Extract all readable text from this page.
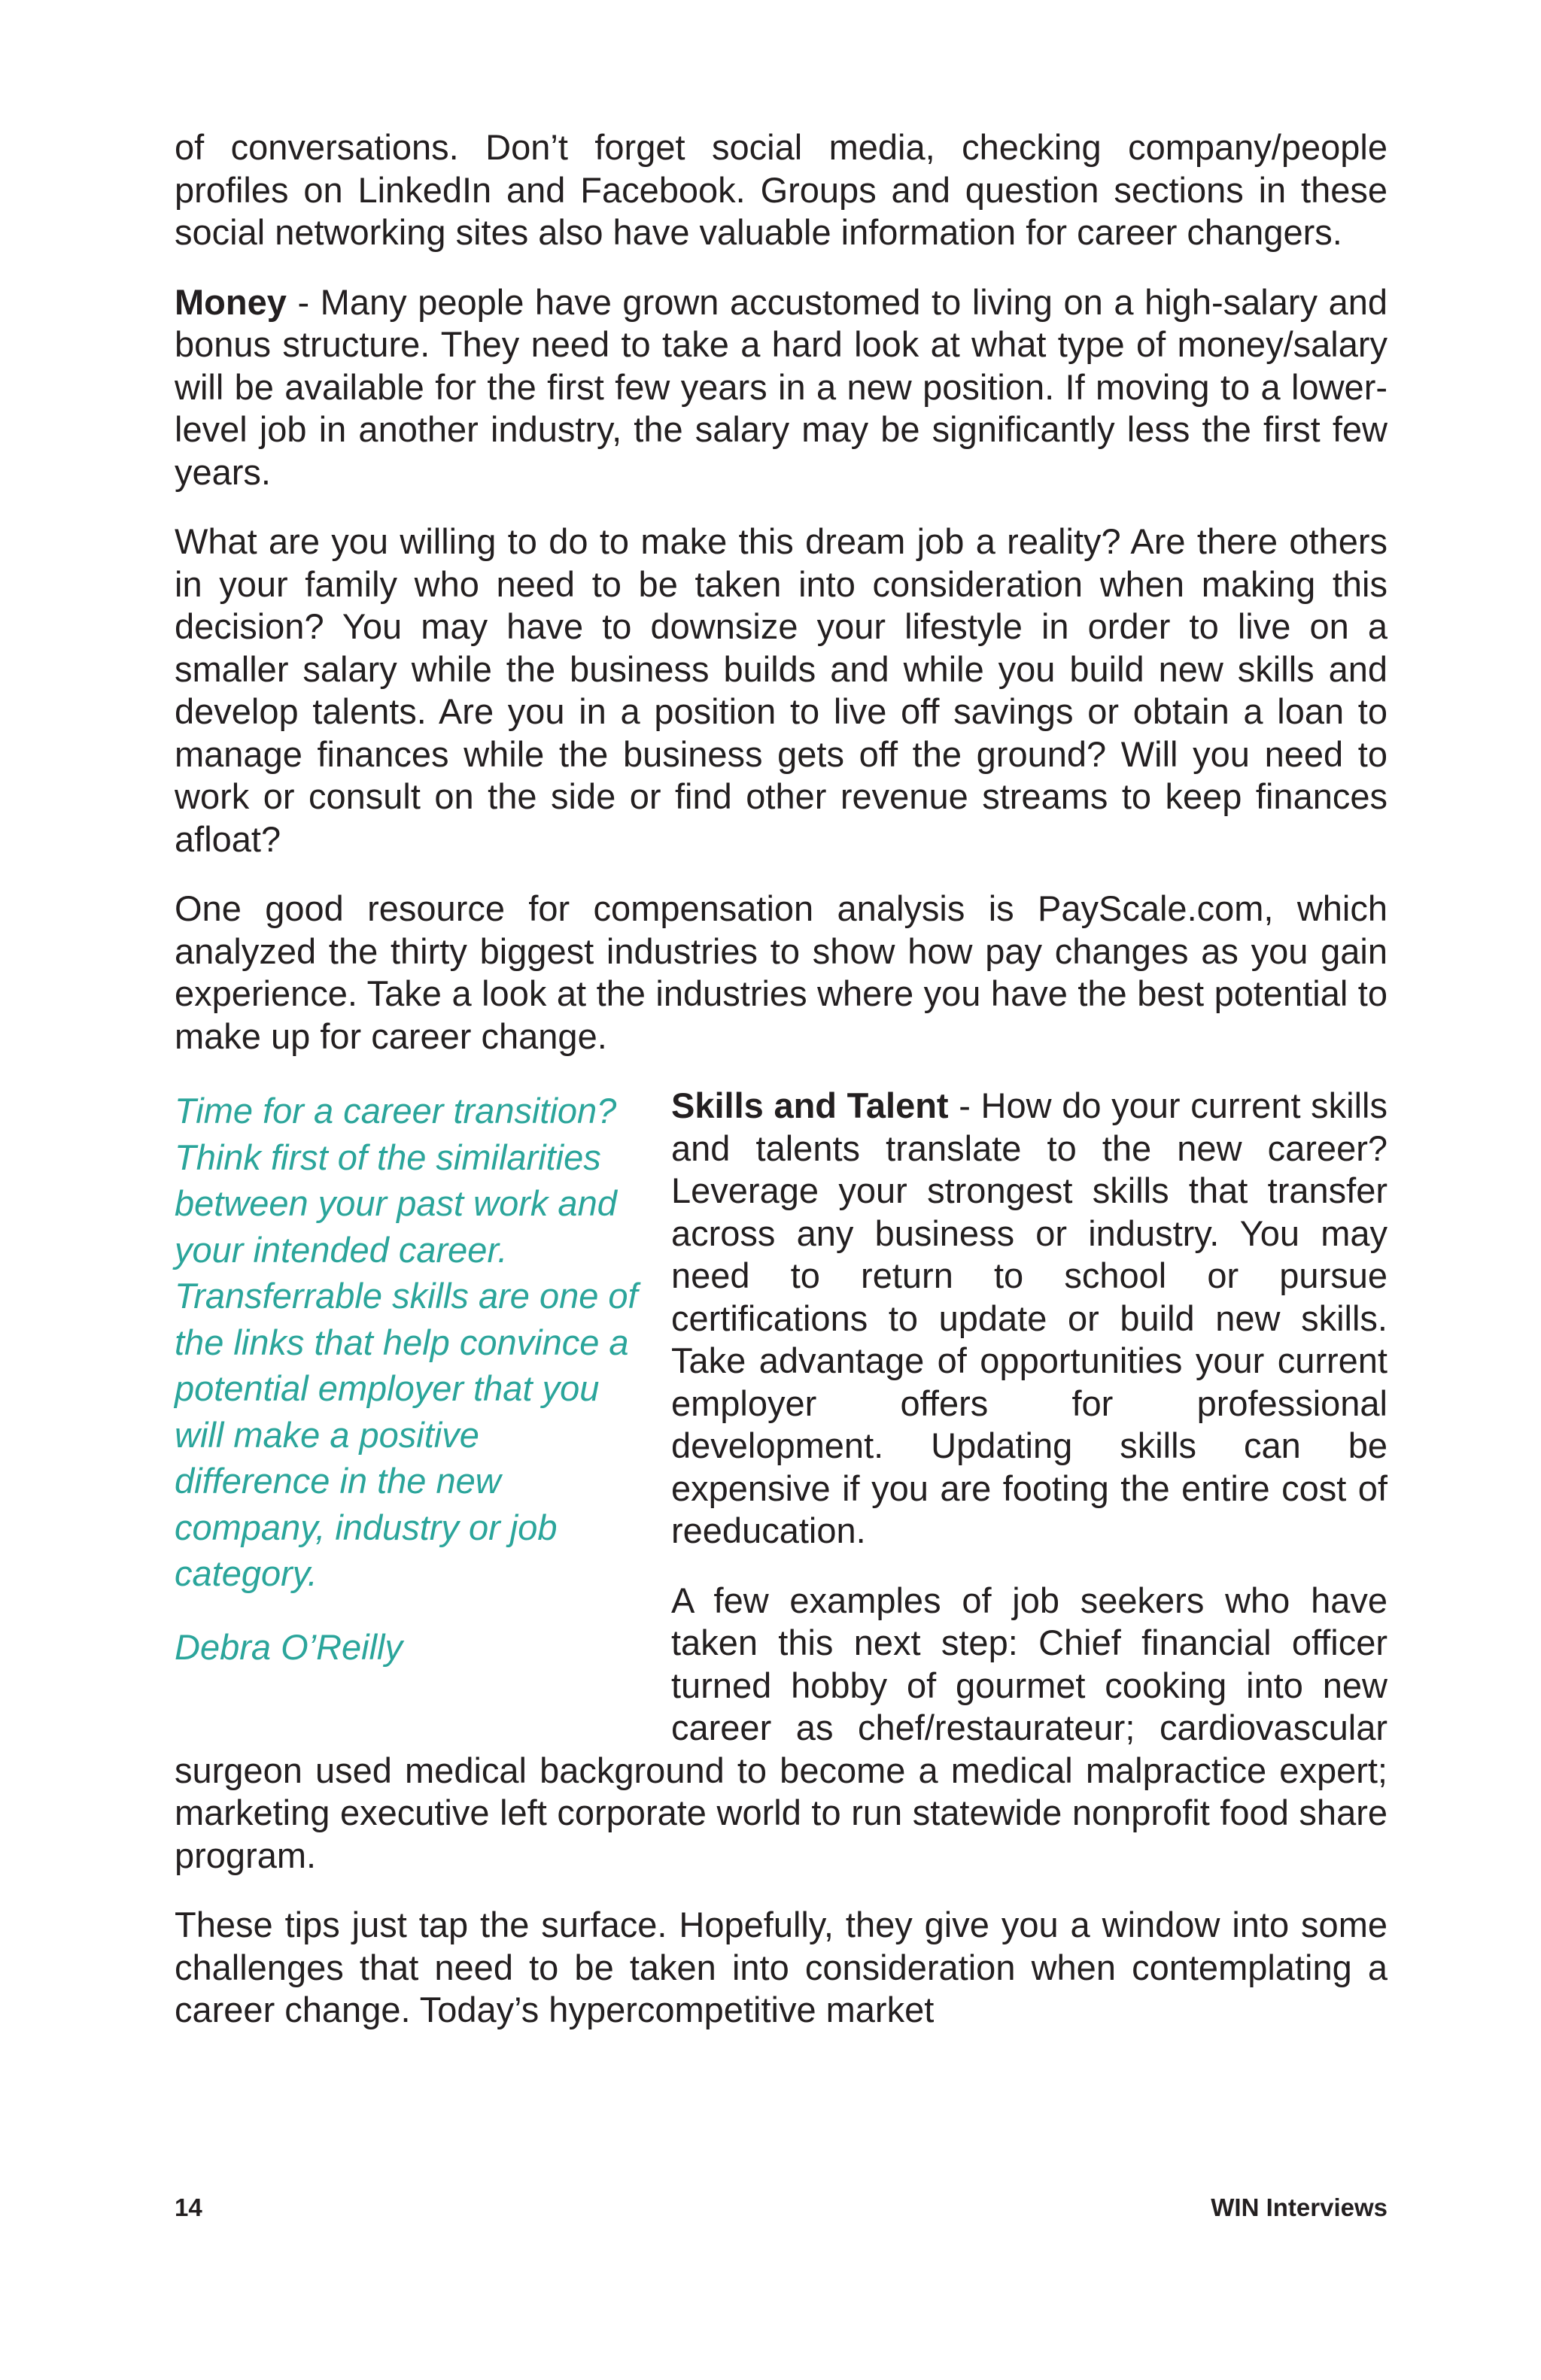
of conversations. Don’t forget social media, checking company/people profiles on LinkedIn and Facebook. Groups and question sections in these social networking sites also have valuable information for career changers.

Money - Many people have grown accustomed to living on a high-salary and bonus structure. They need to take a hard look at what type of money/salary will be available for the first few years in a new position. If moving to a lower-level job in another industry, the salary may be significantly less the first few years.

What are you willing to do to make this dream job a reality? Are there others in your family who need to be taken into consideration when making this decision? You may have to downsize your lifestyle in order to live on a smaller salary while the business builds and while you build new skills and develop talents. Are you in a position to live off savings or obtain a loan to manage finances while the business gets off the ground? Will you need to work or consult on the side or find other revenue streams to keep finances afloat?

One good resource for compensation analysis is PayScale.com, which analyzed the thirty biggest industries to show how pay changes as you gain experience. Take a look at the industries where you have the best potential to make up for career change.

Time for a career transition? Think first of the similarities between your past work and your intended career. Transferrable skills are one of the links that help convince a potential employer that you will make a positive difference in the new company, industry or job category.

Debra O’Reilly

Skills and Talent - How do your current skills and talents translate to the new career? Leverage your strongest skills that transfer across any business or industry. You may need to return to school or pursue certifications to update or build new skills. Take advantage of opportunities your current employer offers for professional development. Updating skills can be expensive if you are footing the entire cost of reeducation.

A few examples of job seekers who have taken this next step: Chief financial officer turned hobby of gourmet cooking into new career as chef/restaurateur; cardiovascular surgeon used medical background to become a medical malpractice expert; marketing executive left corporate world to run statewide nonprofit food share program.

These tips just tap the surface. Hopefully, they give you a window into some challenges that need to be taken into consideration when contemplating a career change. Today’s hypercompetitive market

14	WIN Interviews
